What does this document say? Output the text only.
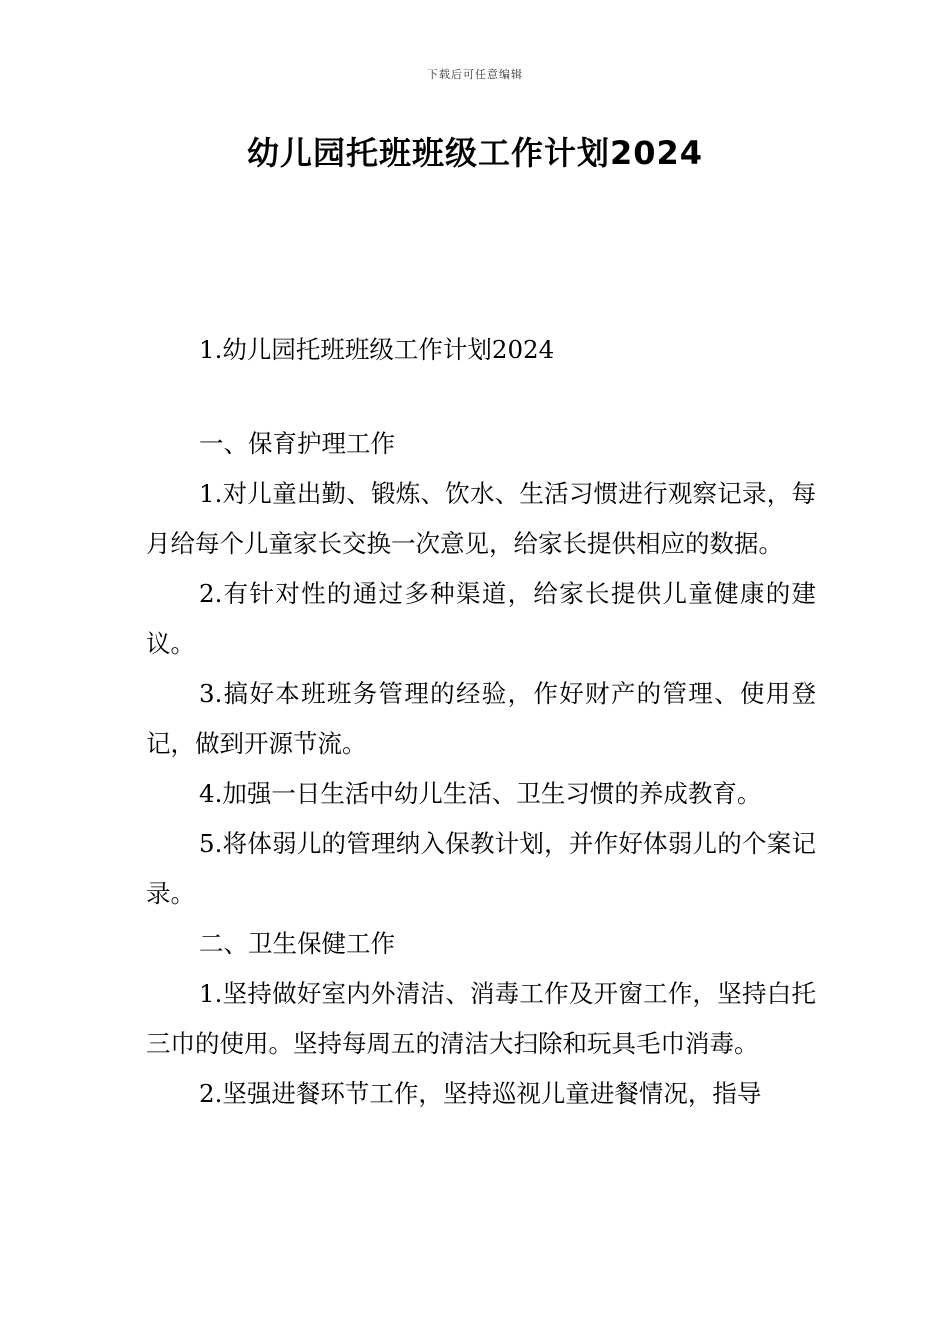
下载后可任意编辑
幼儿园托班班级工作计划2024

1.幼儿园托班班级工作计划2024

一、保育护理工作

1.对儿童出勤、锻炼、饮水、生活习惯进行观察记录，每月给每个儿童家长交换一次意见，给家长提供相应的数据。

2.有针对性的通过多种渠道，给家长提供儿童健康的建议。

3.搞好本班班务管理的经验，作好财产的管理、使用登记，做到开源节流。

4.加强一日生活中幼儿生活、卫生习惯的养成教育。

5.将体弱儿的管理纳入保教计划，并作好体弱儿的个案记录。

二、卫生保健工作

1.坚持做好室内外清洁、消毒工作及开窗工作，坚持白托三巾的使用。坚持每周五的清洁大扫除和玩具毛巾消毒。

2.坚强进餐环节工作，坚持巡视儿童进餐情况，指导
